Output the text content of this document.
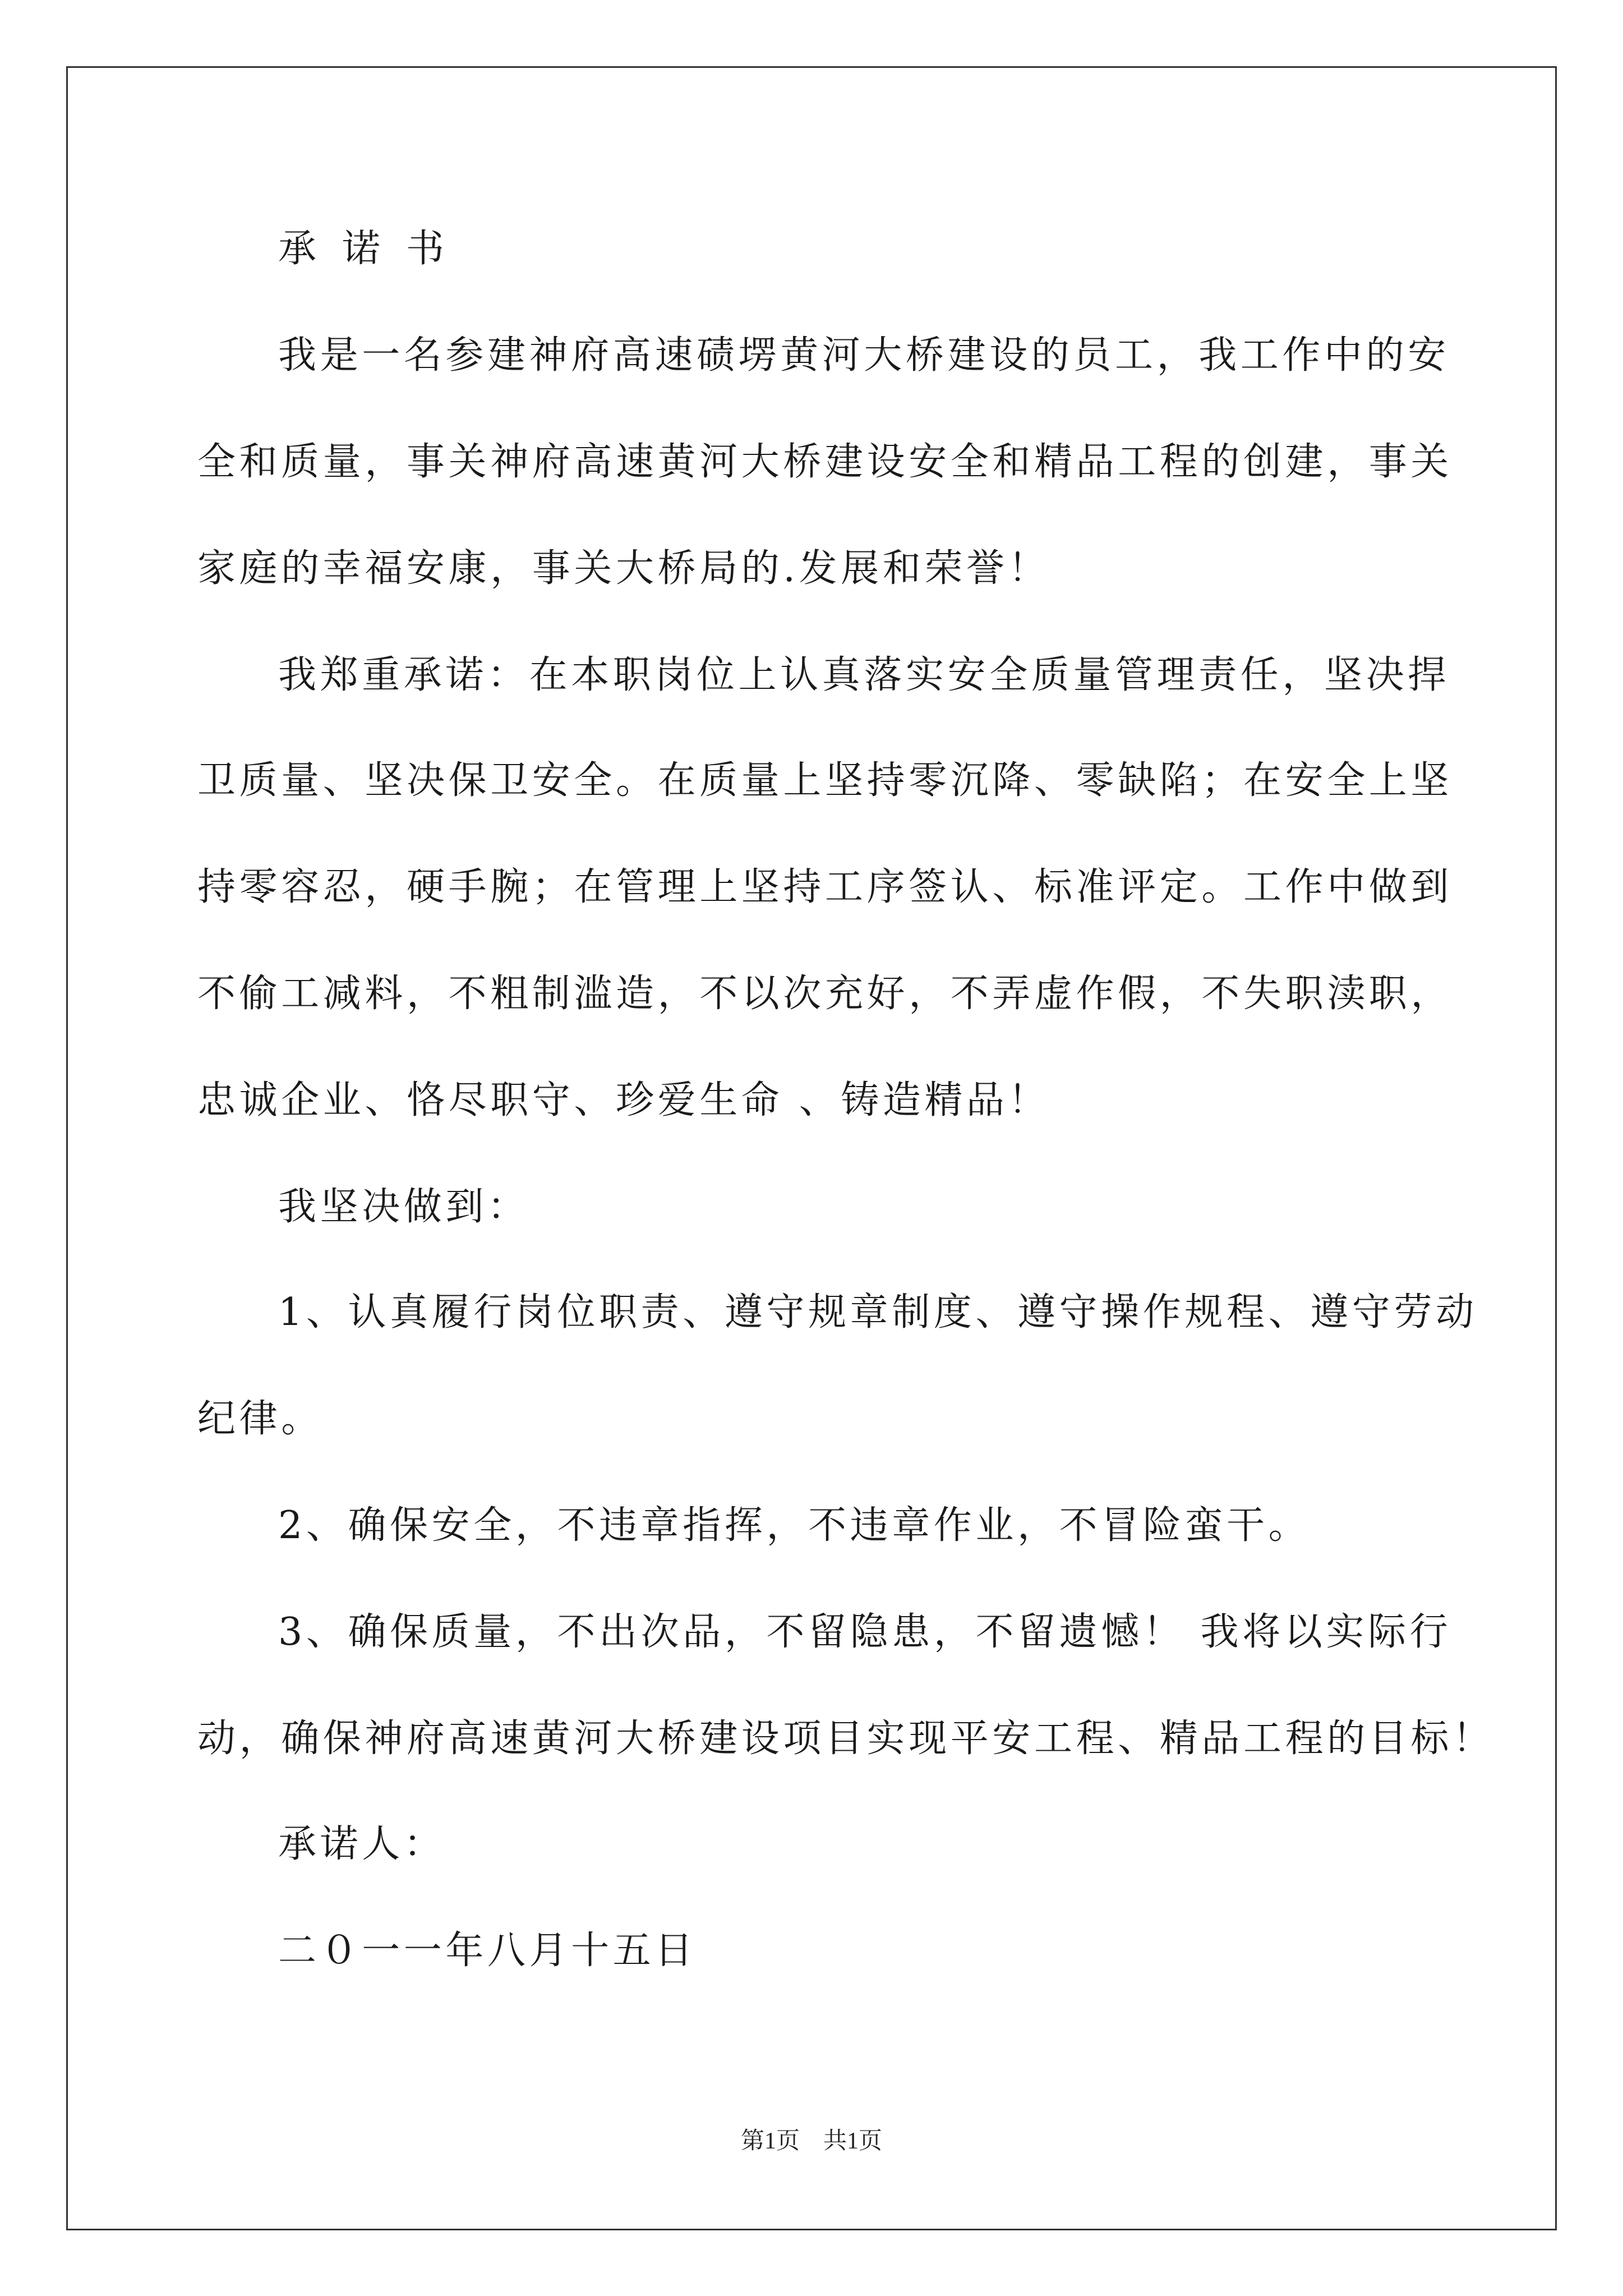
承诺书
我是一名参建神府高速碛塄黄河大桥建设的员工，我工作中的安
全和质量，事关神府高速黄河大桥建设安全和精品工程的创建，事关
家庭的幸福安康，事关大桥局的.发展和荣誉！
我郑重承诺：在本职岗位上认真落实安全质量管理责任，坚决捍
卫质量、坚决保卫安全。在质量上坚持零沉降、零缺陷；在安全上坚
持零容忍，硬手腕；在管理上坚持工序签认、标准评定。工作中做到
不偷工减料，不粗制滥造，不以次充好，不弄虚作假，不失职渎职，
忠诚企业、恪尽职守、珍爱生命 、铸造精品！
我坚决做到：
1、认真履行岗位职责、遵守规章制度、遵守操作规程、遵守劳动
纪律。
2、确保安全，不违章指挥，不违章作业，不冒险蛮干。
3、确保质量，不出次品，不留隐患，不留遗憾！ 我将以实际行
动，确保神府高速黄河大桥建设项目实现平安工程、精品工程的目标！
承诺人：
二０一一年八月十五日
第1页　共1页
